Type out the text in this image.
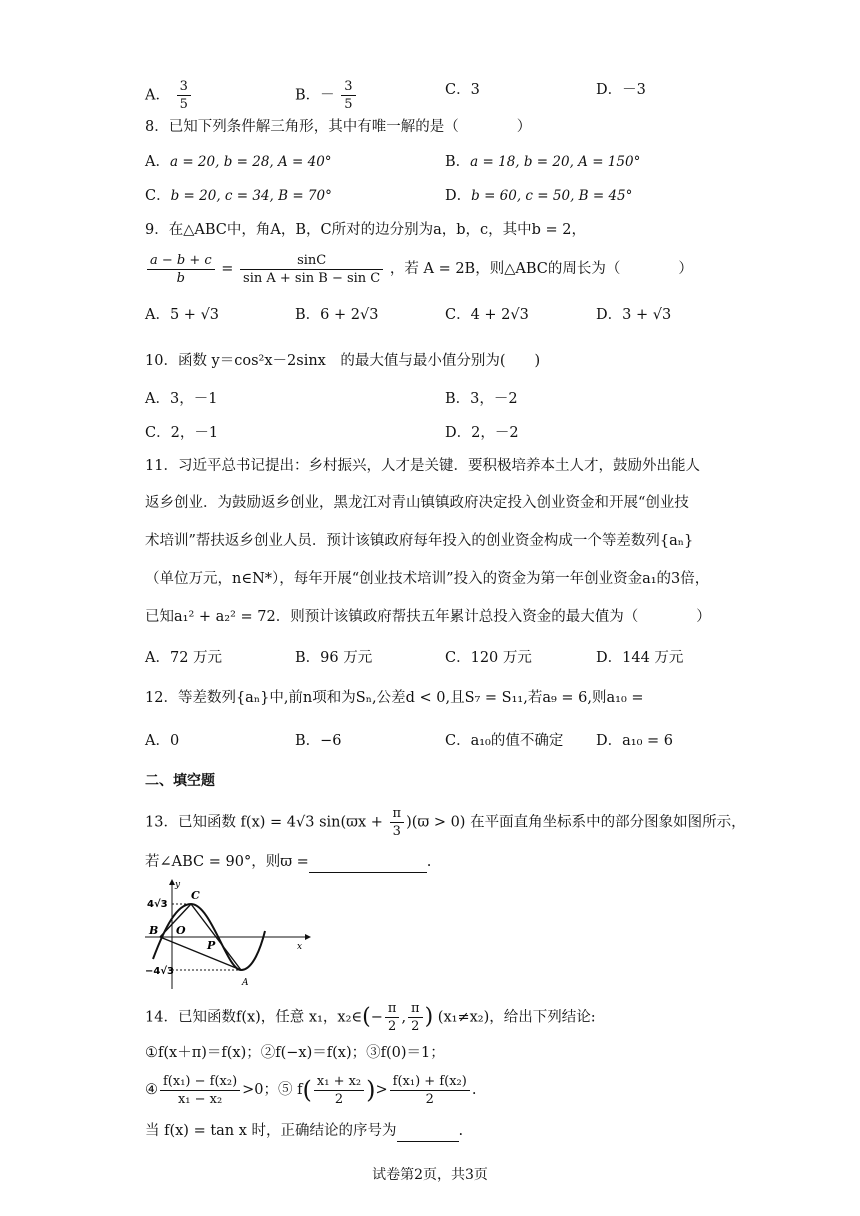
A． $\frac{3}{5}$	B．－ $\frac{3}{5}$	C．3	D．－3
8．已知下列条件解三角形，其中有唯一解的是（　　　　）
A．a = 20, b = 28, A = 40°	B．a = 18, b = 20, A = 150°
C．b = 20, c = 34, B = 70°	D．b = 60, c = 50, B = 45°
9．在△ABC中，角A，B，C所对的边分别为a，b，c，其中b = 2，
$\frac{a - b + c}{b} = \frac{\sin C}{\text{sin A + sin B − sin C}}$ ，若 A = 2B，则△ABC的周长为（　　　　）
A．5 + √3	B．6 + 2√3	C．4 + 2√3	D．3 + √3
10．函数 y＝cos²x－2sinx　的最大值与最小值分别为(　　)
A．3，－1	B．3，－2
C．2，－1	D．2，－2
11．习近平总书记提出：乡村振兴，人才是关键．要积极培养本土人才，鼓励外出能人
返乡创业．为鼓励返乡创业，黑龙江对青山镇镇政府决定投入创业资金和开展“创业技
术培训”帮扶返乡创业人员．预计该镇政府每年投入的创业资金构成一个等差数列{aₙ}
（单位万元，n∈N*），每年开展“创业技术培训”投入的资金为第一年创业资金a₁的3倍，
已知a₁² + a₂² = 72．则预计该镇政府帮扶五年累计总投入资金的最大值为（　　　　）
A．72 万元	B．96 万元	C．120 万元	D．144 万元
12．等差数列{aₙ}中,前n项和为Sₙ,公差d < 0,且S₇ = S₁₁,若a₉ = 6,则a₁₀ =
A．0	B．−6	C．a₁₀的值不确定 D．a₁₀ = 6
二、填空题
13．已知函数 f(x) = 4√3 $\sin(ϖx + \frac{\pi}{3} )(ϖ > 0)$ 在平面直角坐标系中的部分图象如图所示，
若∠ABC = 90°，则ϖ =	.
y
C
4√3
B O
P	x
−4√3
A
14．已知函数f(x)，任意 x₁，x₂∈(− $\frac{\pi}{2}$ , $\frac{\pi}{2}$ ) (x₁≠x₂)，给出下列结论:
①f(x＋π)＝f(x)；②f(−x)＝f(x)；③f(0)＝1；
④ $\frac{\text{f(x₁) − f(x₂)}}{\text{x₁ − x₂}} >0$；⑤ $f( \frac{\text{x₁ + x₂}}{2}$ )> $\frac{\text{f(x₁) + f(x₂)}}{2}$ .
当 f(x) = tan x 时，正确结论的序号为	.
试卷第2页，共3页
